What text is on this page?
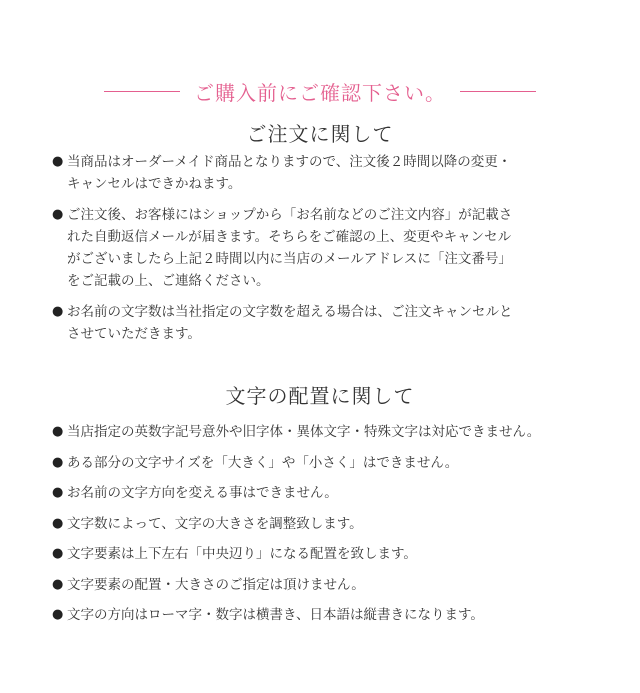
ご購入前にご確認下さい。
ご注文に関して
● 当商品はオーダーメイド商品となりますので、注文後２時間以降の変更・
キャンセルはできかねます。
● ご注文後、お客様にはショップから「お名前などのご注文内容」が記載さ
れた自動返信メールが届きます。そちらをご確認の上、変更やキャンセル
がございましたら上記２時間以内に当店のメールアドレスに「注文番号」
をご記載の上、ご連絡ください。
● お名前の文字数は当社指定の文字数を超える場合は、ご注文キャンセルと
させていただきます。
文字の配置に関して
● 当店指定の英数字記号意外や旧字体・異体文字・特殊文字は対応できません。
● ある部分の文字サイズを「大きく」や「小さく」はできません。
● お名前の文字方向を変える事はできません。
● 文字数によって、文字の大きさを調整致します。
● 文字要素は上下左右「中央辺り」になる配置を致します。
● 文字要素の配置・大きさのご指定は頂けません。
● 文字の方向はローマ字・数字は横書き、日本語は縦書きになります。
